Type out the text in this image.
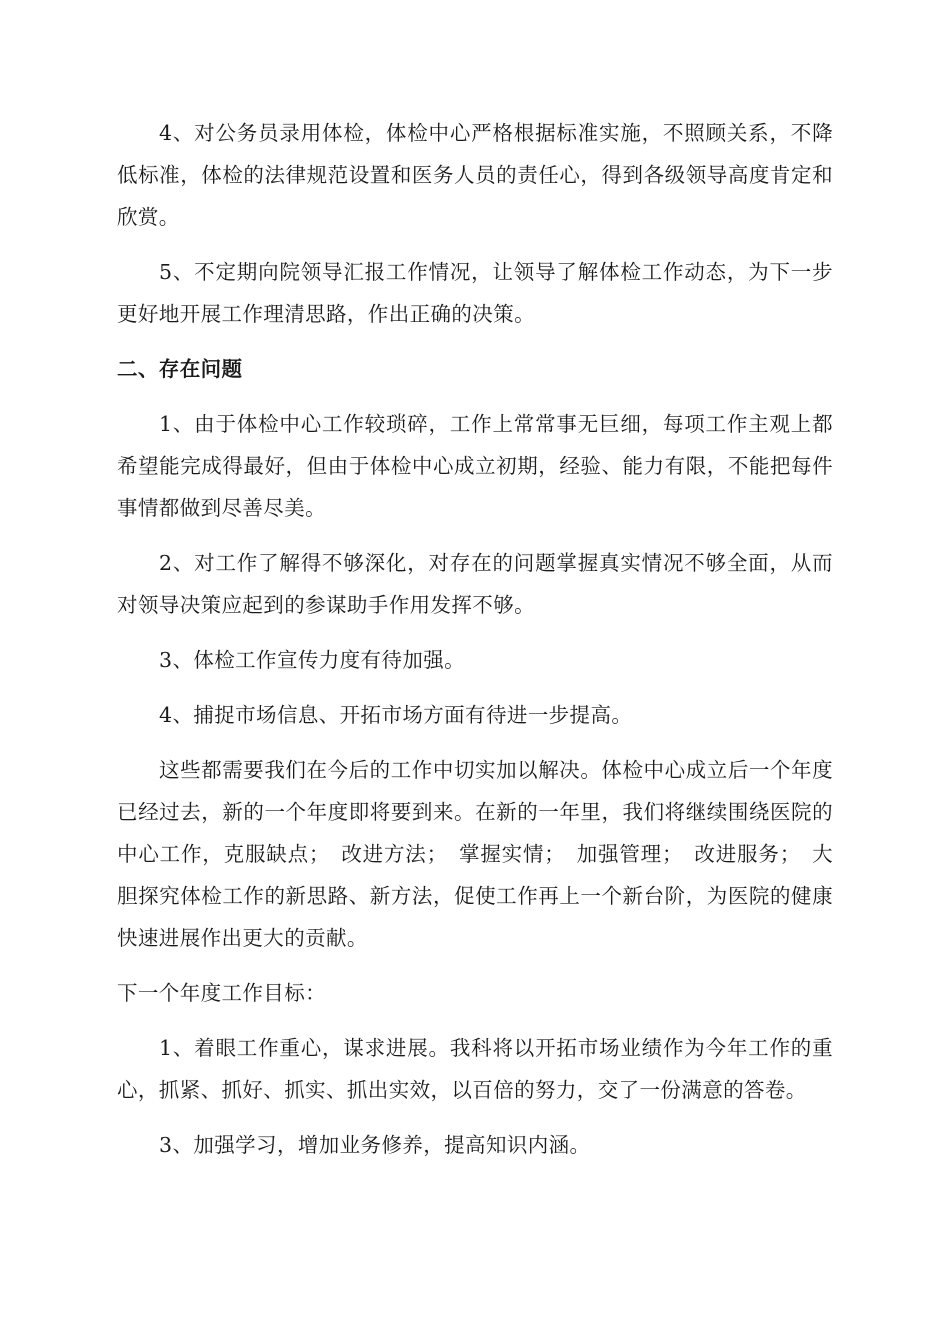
4、对公务员录用体检，体检中心严格根据标准实施，不照顾关系，不降低标准，体检的法律规范设置和医务人员的责任心，得到各级领导高度肯定和欣赏。

5、不定期向院领导汇报工作情况，让领导了解体检工作动态，为下一步更好地开展工作理清思路，作出正确的决策。

二、存在问题

1、由于体检中心工作较琐碎，工作上常常事无巨细，每项工作主观上都希望能完成得最好，但由于体检中心成立初期，经验、能力有限，不能把每件事情都做到尽善尽美。

2、对工作了解得不够深化，对存在的问题掌握真实情况不够全面，从而对领导决策应起到的参谋助手作用发挥不够。

3、体检工作宣传力度有待加强。

4、捕捉市场信息、开拓市场方面有待进一步提高。

这些都需要我们在今后的工作中切实加以解决。体检中心成立后一个年度已经过去，新的一个年度即将要到来。在新的一年里，我们将继续围绕医院的中心工作，克服缺点；　改进方法；　掌握实情；　加强管理；　改进服务；　大胆探究体检工作的新思路、新方法，促使工作再上一个新台阶，为医院的健康快速进展作出更大的贡献。

下一个年度工作目标：

1、着眼工作重心，谋求进展。我科将以开拓市场业绩作为今年工作的重心，抓紧、抓好、抓实、抓出实效，以百倍的努力，交了一份满意的答卷。

3、加强学习，增加业务修养，提高知识内涵。
